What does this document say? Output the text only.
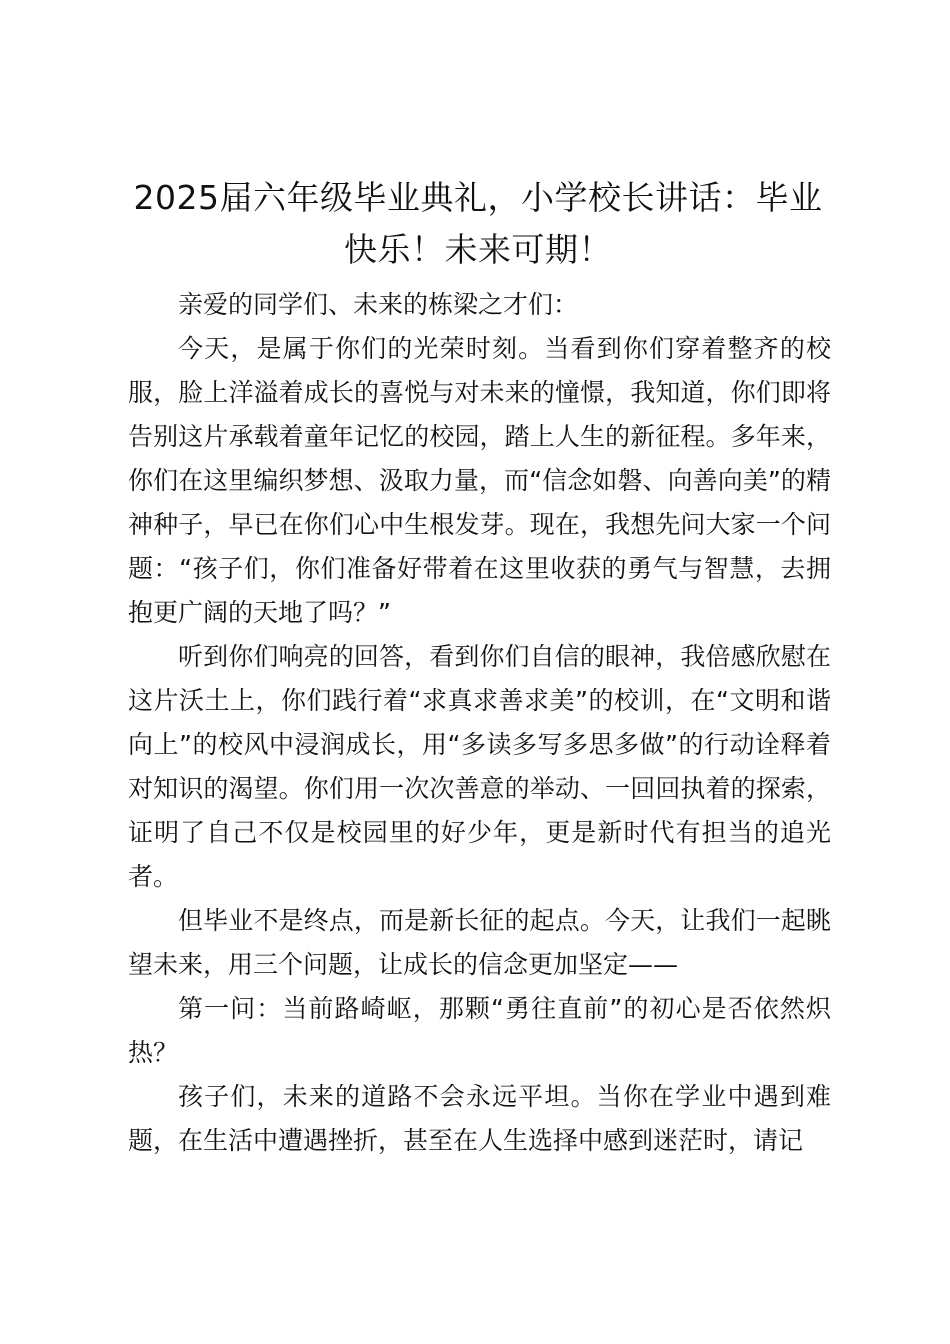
2025届六年级毕业典礼，小学校长讲话：毕业快乐！未来可期！

亲爱的同学们、未来的栋梁之才们：

今天，是属于你们的光荣时刻。当看到你们穿着整齐的校服，脸上洋溢着成长的喜悦与对未来的憧憬，我知道，你们即将告别这片承载着童年记忆的校园，踏上人生的新征程。多年来，你们在这里编织梦想、汲取力量，而“信念如磐、向善向美”的精神种子，早已在你们心中生根发芽。现在，我想先问大家一个问题：“孩子们，你们准备好带着在这里收获的勇气与智慧，去拥抱更广阔的天地了吗？”

听到你们响亮的回答，看到你们自信的眼神，我倍感欣慰在这片沃土上，你们践行着“求真求善求美”的校训，在“文明和谐向上”的校风中浸润成长，用“多读多写多思多做”的行动诠释着对知识的渴望。你们用一次次善意的举动、一回回执着的探索，证明了自己不仅是校园里的好少年，更是新时代有担当的追光者。

但毕业不是终点，而是新长征的起点。今天，让我们一起眺望未来，用三个问题，让成长的信念更加坚定——

第一问：当前路崎岖，那颗“勇往直前”的初心是否依然炽热？

孩子们，未来的道路不会永远平坦。当你在学业中遇到难题，在生活中遭遇挫折，甚至在人生选择中感到迷茫时，请记
